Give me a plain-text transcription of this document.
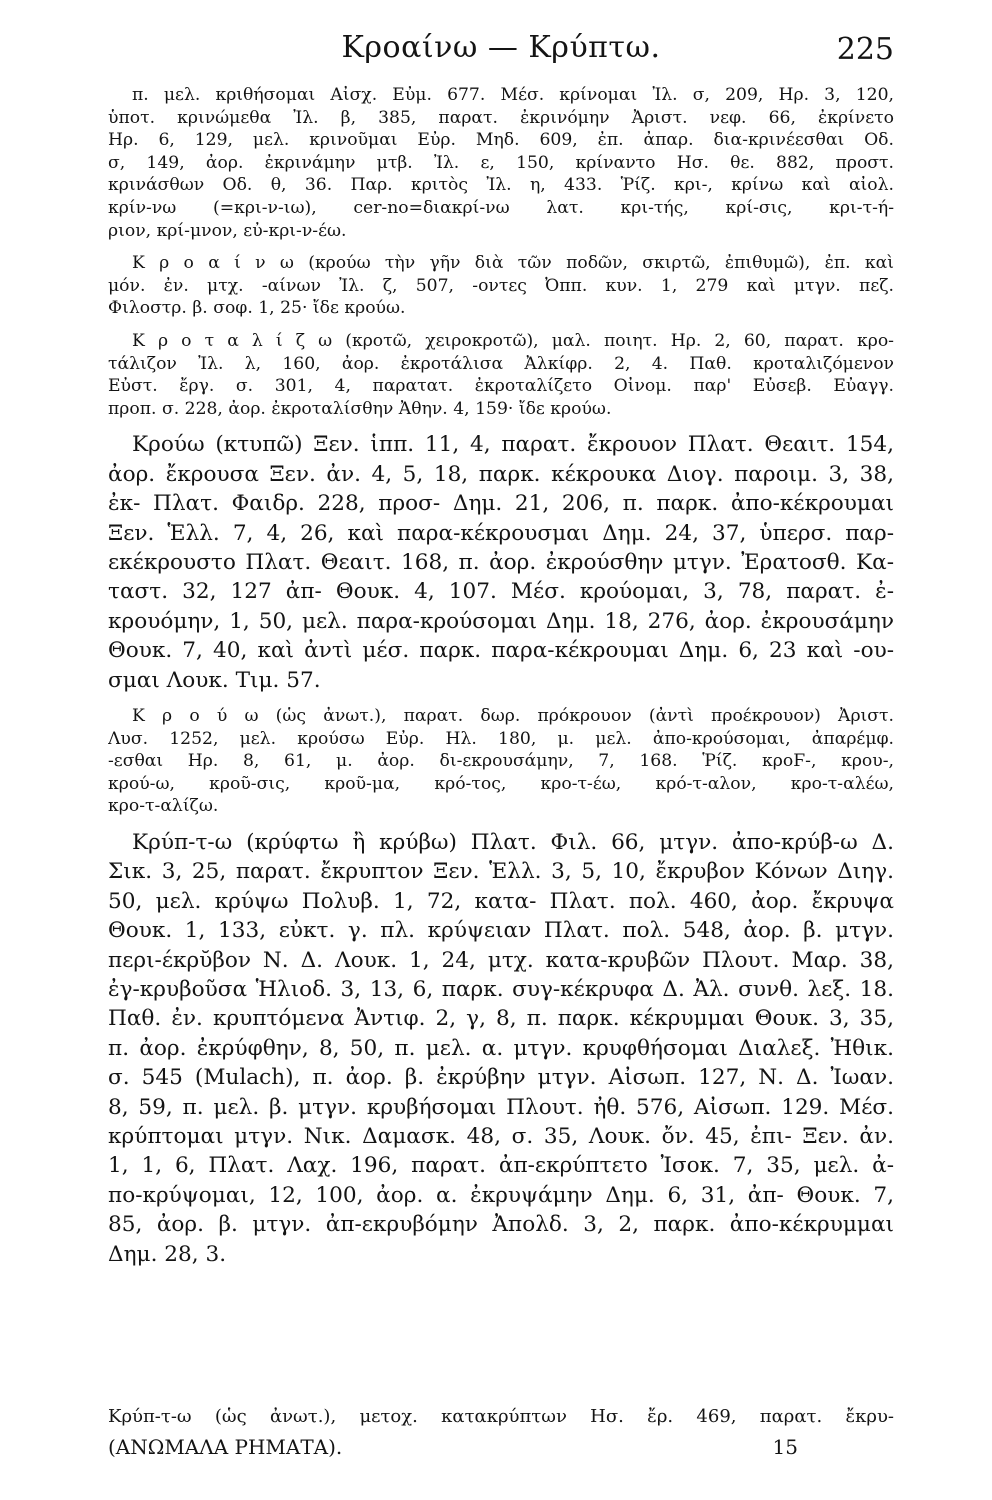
Κροαίνω — Κρύπτω.	225
π. μελ. κριθήσομαι Αἰσχ. Εὐμ. 677. Μέσ. κρίνομαι Ἰλ. σ, 209, Ηρ. 3, 120,
ὑποτ. κρινώμεθα Ἰλ. β, 385, παρατ. ἐκρινόμην Ἀριστ. νεφ. 66, ἐκρίνετο
Ηρ. 6, 129, μελ. κρινοῦμαι Εὐρ. Μηδ. 609, ἐπ. ἀπαρ. δια-κρινέεσθαι Οδ.
σ, 149, ἀορ. ἐκρινάμην μτβ. Ἰλ. ε, 150, κρίναντο Ησ. θε. 882, προστ.
κρινάσθων Οδ. θ, 36. Παρ. κριτὸς Ἰλ. η, 433. Ῥίζ. κρι-, κρίνω καὶ αἰολ.
κρίν-νω (=κρι-ν-ιω), cer-no=διακρί-νω λατ. κρι-τής, κρί-σις, κρι-τ-ή-
ριον, κρί-μνον, εὐ-κρι-ν-έω.
Κ ρ ο α ί ν ω (κρούω τὴν γῆν διὰ τῶν ποδῶν, σκιρτῶ, ἐπιθυμῶ), ἐπ. καὶ
μόν. ἐν. μτχ. -αίνων Ἰλ. ζ, 507, -οντες Ὀππ. κυν. 1, 279 καὶ μτγν. πεζ.
Φιλοστρ. β. σοφ. 1, 25· ἴδε κρούω.
Κ ρ ο τ α λ ί ζ ω (κροτῶ, χειροκροτῶ), μαλ. ποιητ. Ηρ. 2, 60, παρατ. κρο-
τάλιζον Ἰλ. λ, 160, ἀορ. ἐκροτάλισα Ἀλκίφρ. 2, 4. Παθ. κροταλιζόμενον
Εὐστ. ἔργ. σ. 301, 4, παρατατ. ἐκροταλίζετο Οἰνομ. παρ' Εὐσεβ. Εὐαγγ.
προπ. σ. 228, ἀορ. ἐκροταλίσθην Ἀθην. 4, 159· ἴδε κρούω.
Κρούω (κτυπῶ) Ξεν. ἱππ. 11, 4, παρατ. ἔκρουον Πλατ. Θεαιτ. 154,
ἀορ. ἔκρουσα Ξεν. ἀν. 4, 5, 18, παρκ. κέκρουκα Διογ. παροιμ. 3, 38,
ἐκ- Πλατ. Φαιδρ. 228, προσ- Δημ. 21, 206, π. παρκ. ἀπο-κέκρουμαι
Ξεν. Ἑλλ. 7, 4, 26, καὶ παρα-κέκρουσμαι Δημ. 24, 37, ὑπερσ. παρ-
εκέκρουστο Πλατ. Θεαιτ. 168, π. ἀορ. ἐκρούσθην μτγν. Ἐρατοσθ. Κα-
ταστ. 32, 127 ἀπ- Θουκ. 4, 107. Μέσ. κρούομαι, 3, 78, παρατ. ἐ-
κρουόμην, 1, 50, μελ. παρα-κρούσομαι Δημ. 18, 276, ἀορ. ἐκρουσάμην
Θουκ. 7, 40, καὶ ἀντὶ μέσ. παρκ. παρα-κέκρουμαι Δημ. 6, 23 καὶ -ου-
σμαι Λουκ. Τιμ. 57.
Κ ρ ο ύ ω (ὡς ἀνωτ.), παρατ. δωρ. πρόκρουον (ἀντὶ προέκρουον) Ἀριστ.
Λυσ. 1252, μελ. κρούσω Εὐρ. Ηλ. 180, μ. μελ. ἀπο-κρούσομαι, ἀπαρέμφ.
-εσθαι Ηρ. 8, 61, μ. ἀορ. δι-εκρουσάμην, 7, 168. Ῥίζ. κροϜ-, κρου-,
κρού-ω, κροῦ-σις, κροῦ-μα, κρό-τος, κρο-τ-έω, κρό-τ-αλον, κρο-τ-αλέω,
κρο-τ-αλίζω.
Κρύπ-τ-ω (κρύφτω ἢ κρύβω) Πλατ. Φιλ. 66, μτγν. ἀπο-κρύβ-ω Δ.
Σικ. 3, 25, παρατ. ἔκρυπτον Ξεν. Ἑλλ. 3, 5, 10, ἔκρυβον Κόνων Διηγ.
50, μελ. κρύψω Πολυβ. 1, 72, κατα- Πλατ. πολ. 460, ἀορ. ἔκρυψα
Θουκ. 1, 133, εὐκτ. γ. πλ. κρύψειαν Πλατ. πολ. 548, ἀορ. β. μτγν.
περι-έκρῠβον Ν. Δ. Λουκ. 1, 24, μτχ. κατα-κρυβῶν Πλουτ. Μαρ. 38,
ἐγ-κρυβοῦσα Ἡλιοδ. 3, 13, 6, παρκ. συγ-κέκρυφα Δ. Ἀλ. συνθ. λεξ. 18.
Παθ. ἐν. κρυπτόμενα Ἀντιφ. 2, γ, 8, π. παρκ. κέκρυμμαι Θουκ. 3, 35,
π. ἀορ. ἐκρύφθην, 8, 50, π. μελ. α. μτγν. κρυφθήσομαι Διαλεξ. Ἠθικ.
σ. 545 (Mulach), π. ἀορ. β. ἐκρύβην μτγν. Αἰσωπ. 127, Ν. Δ. Ἰωαν.
8, 59, π. μελ. β. μτγν. κρυβήσομαι Πλουτ. ἠθ. 576, Αἰσωπ. 129. Μέσ.
κρύπτομαι μτγν. Νικ. Δαμασκ. 48, σ. 35, Λουκ. ὄν. 45, ἐπι- Ξεν. ἀν.
1, 1, 6, Πλατ. Λαχ. 196, παρατ. ἀπ-εκρύπτετο Ἰσοκ. 7, 35, μελ. ἀ-
πο-κρύψομαι, 12, 100, ἀορ. α. ἐκρυψάμην Δημ. 6, 31, ἀπ- Θουκ. 7,
85, ἀορ. β. μτγν. ἀπ-εκρυβόμην Ἀπολδ. 3, 2, παρκ. ἀπο-κέκρυμμαι
Δημ. 28, 3.
Κρύπ-τ-ω (ὡς ἀνωτ.), μετοχ. κατακρύπτων Ησ. ἔρ. 469, παρατ. ἔκρυ-
(ΑΝΩΜΑΛΑ ΡΗΜΑΤΑ).	15
